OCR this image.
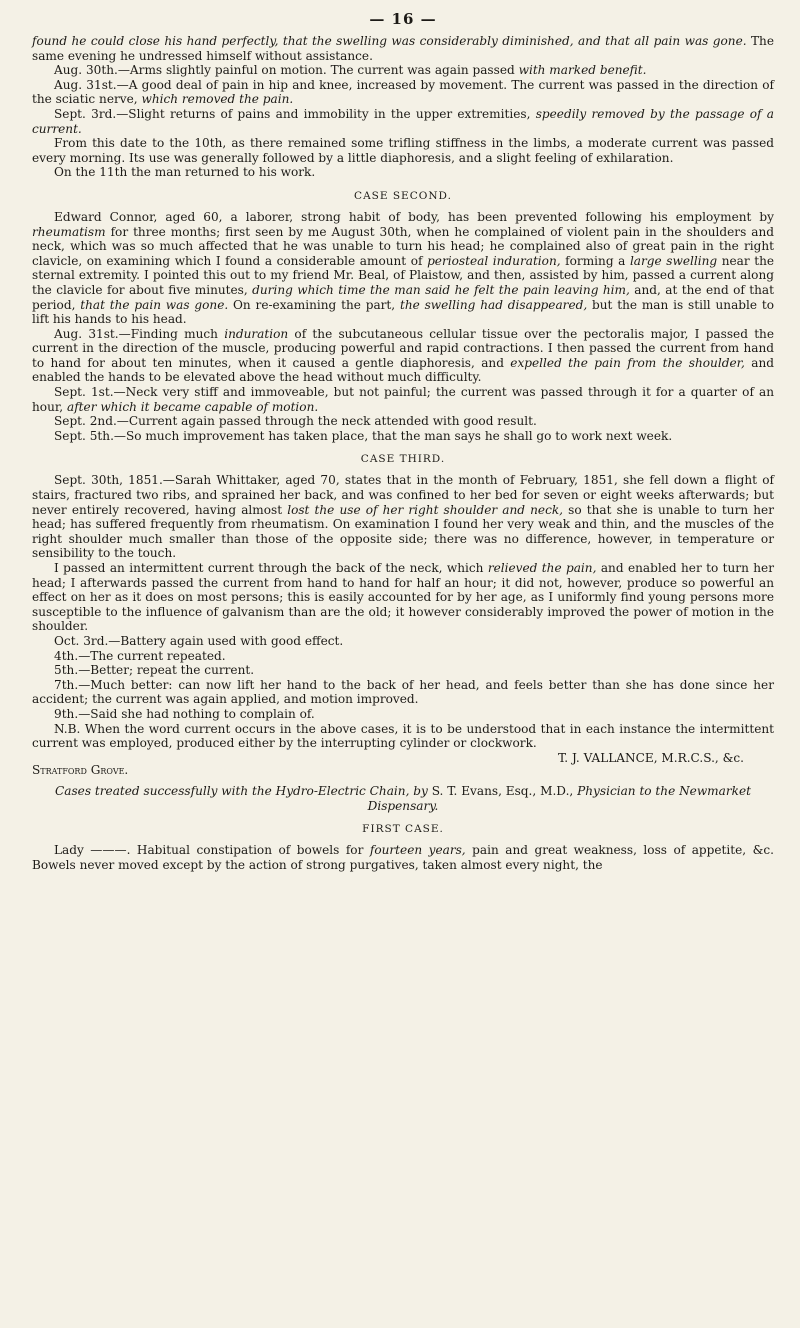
— 16 —

found he could close his hand perfectly, that the swelling was considerably diminished, and that all pain was gone. The same evening he undressed himself without assistance.

Aug. 30th.—Arms slightly painful on motion. The current was again passed with marked benefit.

Aug. 31st.—A good deal of pain in hip and knee, increased by movement. The current was passed in the direction of the sciatic nerve, which removed the pain.

Sept. 3rd.—Slight returns of pains and immobility in the upper extremities, speedily removed by the passage of a current.

From this date to the 10th, as there remained some trifling stiffness in the limbs, a moderate current was passed every morning. Its use was generally followed by a little diaphoresis, and a slight feeling of exhilaration.

On the 11th the man returned to his work.

CASE SECOND.

Edward Connor, aged 60, a laborer, strong habit of body, has been prevented following his employment by rheumatism for three months; first seen by me August 30th, when he complained of violent pain in the shoulders and neck, which was so much affected that he was unable to turn his head; he complained also of great pain in the right clavicle, on examining which I found a considerable amount of periosteal induration, forming a large swelling near the sternal extremity. I pointed this out to my friend Mr. Beal, of Plaistow, and then, assisted by him, passed a current along the clavicle for about five minutes, during which time the man said he felt the pain leaving him, and, at the end of that period, that the pain was gone. On re-examining the part, the swelling had disappeared, but the man is still unable to lift his hands to his head.

Aug. 31st.—Finding much induration of the subcutaneous cellular tissue over the pectoralis major, I passed the current in the direction of the muscle, producing powerful and rapid contractions. I then passed the current from hand to hand for about ten minutes, when it caused a gentle diaphoresis, and expelled the pain from the shoulder, and enabled the hands to be elevated above the head without much difficulty.

Sept. 1st.—Neck very stiff and immoveable, but not painful; the current was passed through it for a quarter of an hour, after which it became capable of motion.

Sept. 2nd.—Current again passed through the neck attended with good result.

Sept. 5th.—So much improvement has taken place, that the man says he shall go to work next week.

CASE THIRD.

Sept. 30th, 1851.—Sarah Whittaker, aged 70, states that in the month of February, 1851, she fell down a flight of stairs, fractured two ribs, and sprained her back, and was confined to her bed for seven or eight weeks afterwards; but never entirely recovered, having almost lost the use of her right shoulder and neck, so that she is unable to turn her head; has suffered frequently from rheumatism. On examination I found her very weak and thin, and the muscles of the right shoulder much smaller than those of the opposite side; there was no difference, however, in temperature or sensibility to the touch.

I passed an intermittent current through the back of the neck, which relieved the pain, and enabled her to turn her head; I afterwards passed the current from hand to hand for half an hour; it did not, however, produce so powerful an effect on her as it does on most persons; this is easily accounted for by her age, as I uniformly find young persons more susceptible to the influence of galvanism than are the old; it however considerably improved the power of motion in the shoulder.

Oct. 3rd.—Battery again used with good effect.

4th.—The current repeated.

5th.—Better; repeat the current.

7th.—Much better: can now lift her hand to the back of her head, and feels better than she has done since her accident; the current was again applied, and motion improved.

9th.—Said she had nothing to complain of.

N.B. When the word current occurs in the above cases, it is to be understood that in each instance the intermittent current was employed, produced either by the interrupting cylinder or clockwork.

T. J. VALLANCE, M.R.C.S., &c.
Stratford Grove.
Cases treated successfully with the Hydro-Electric Chain, by S. T. Evans, Esq., M.D., Physician to the Newmarket Dispensary.
FIRST CASE.

Lady ———. Habitual constipation of bowels for fourteen years, pain and great weakness, loss of appetite, &c. Bowels never moved except by the action of strong purgatives, taken almost every night, the
